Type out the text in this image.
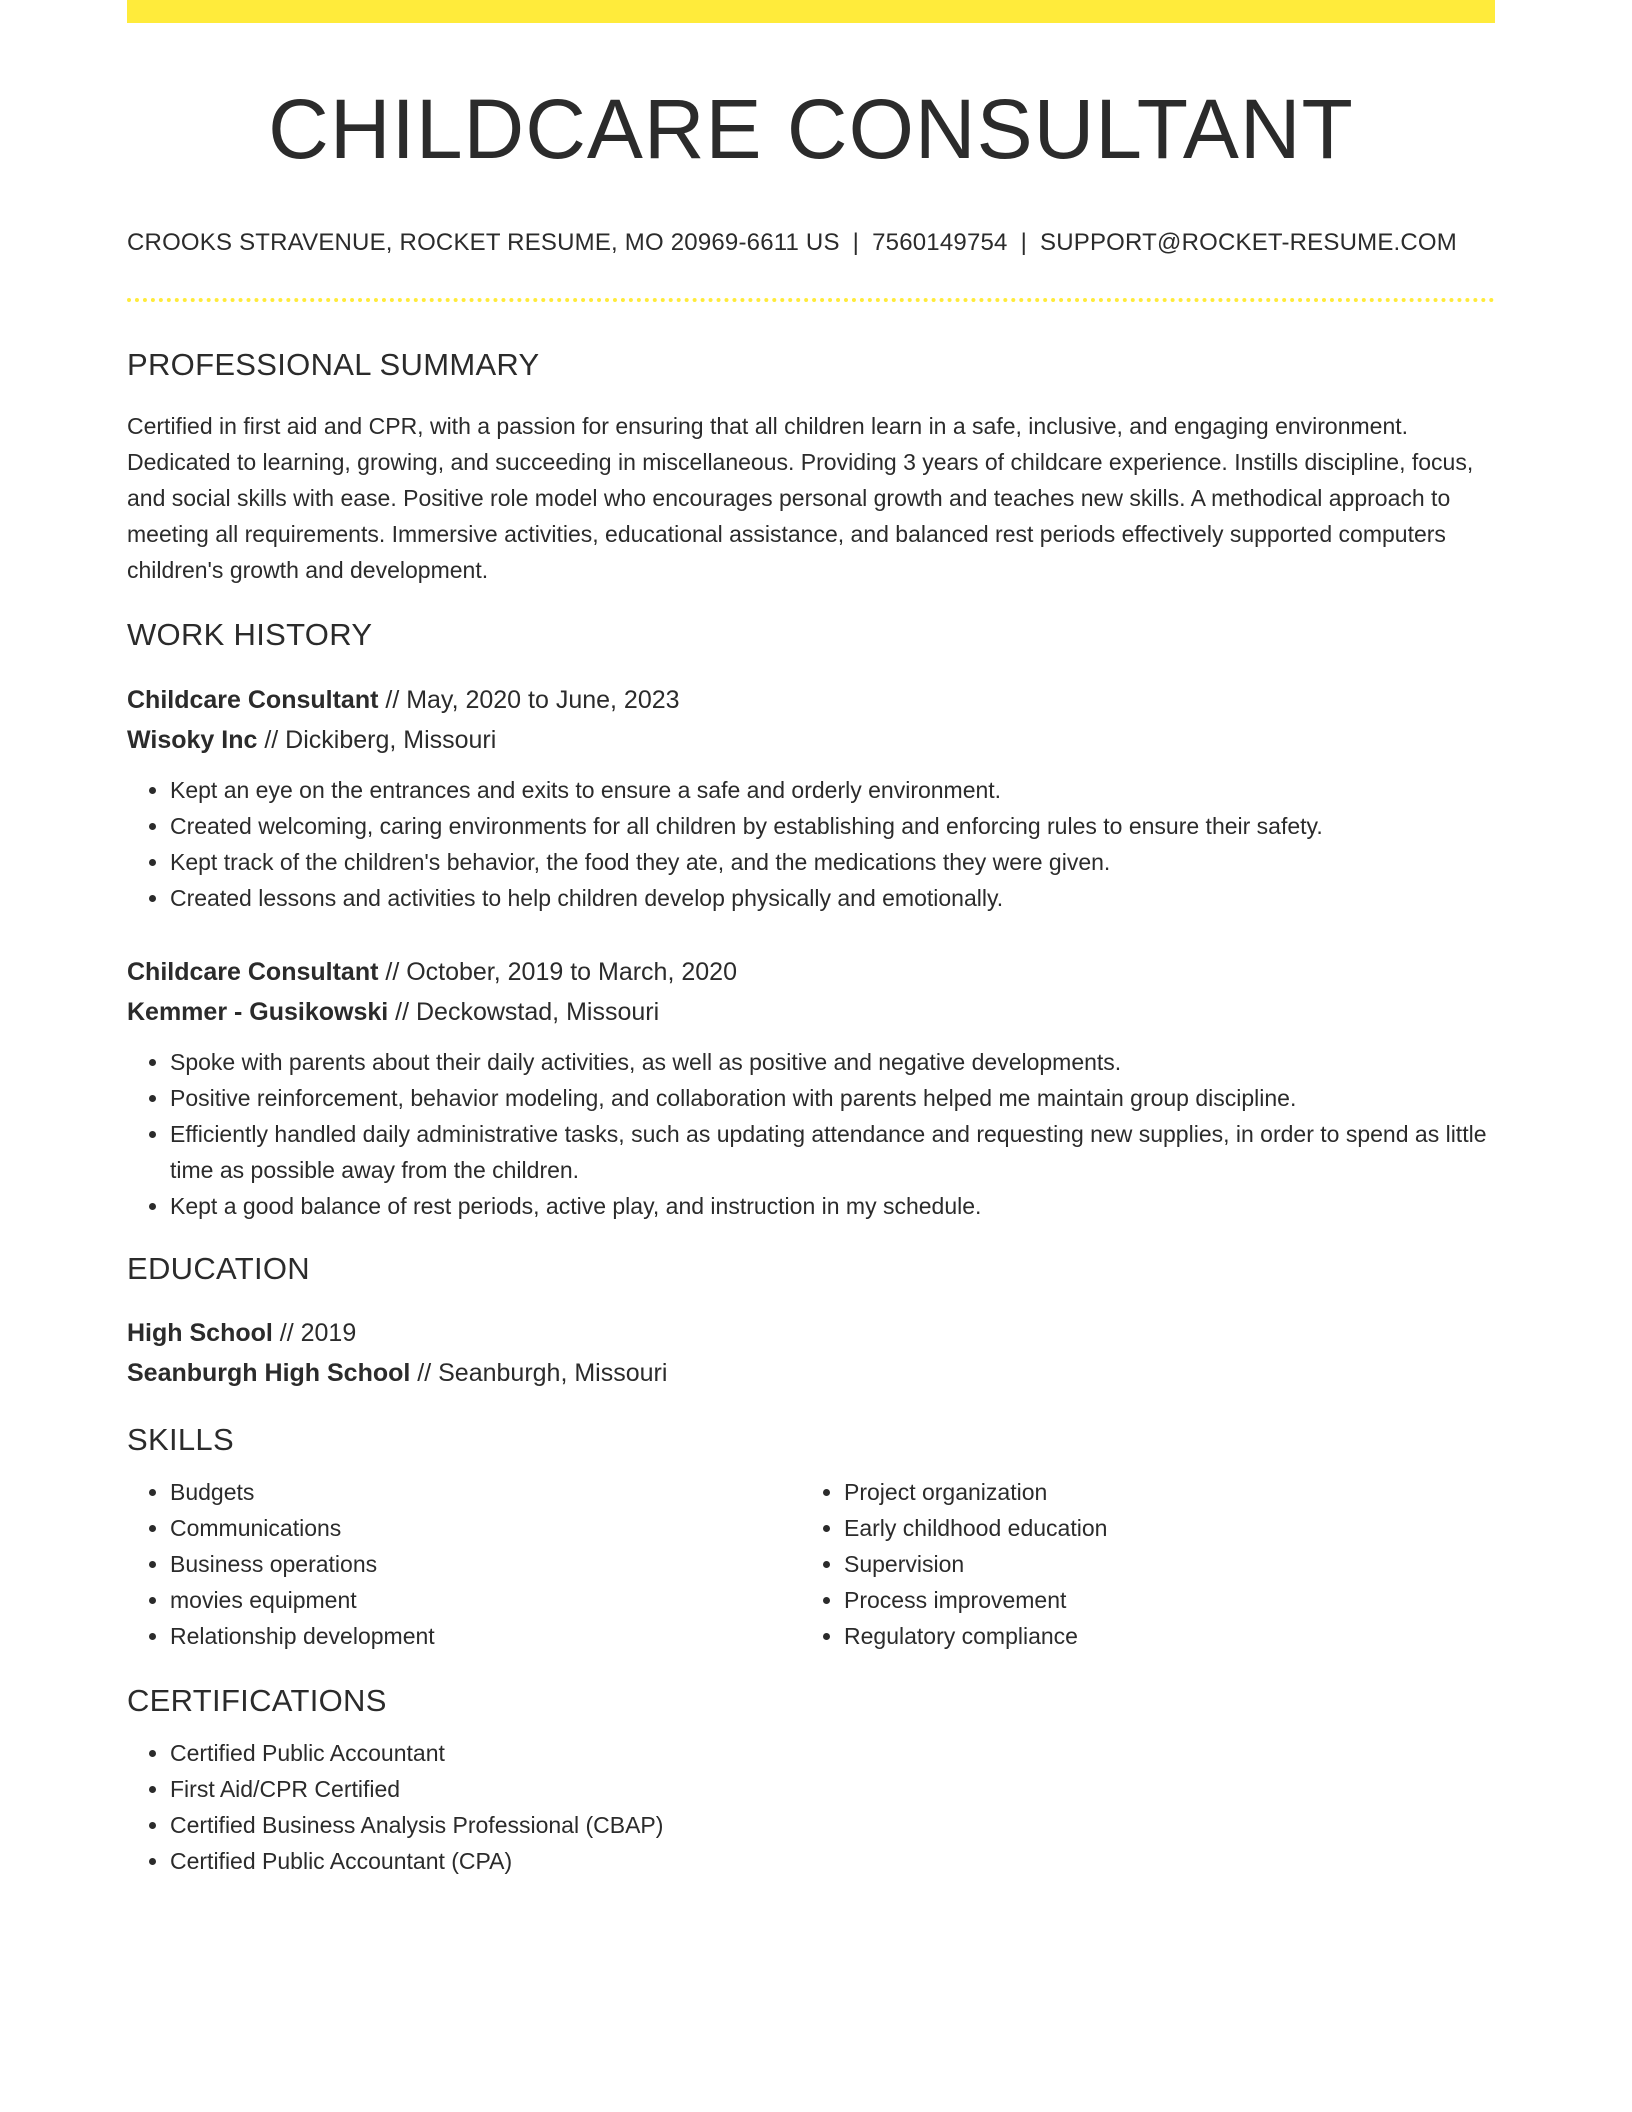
CHILDCARE CONSULTANT
CROOKS STRAVENUE, ROCKET RESUME, MO 20969-6611 US | 7560149754 | SUPPORT@ROCKET-RESUME.COM
PROFESSIONAL SUMMARY
Certified in first aid and CPR, with a passion for ensuring that all children learn in a safe, inclusive, and engaging environment. Dedicated to learning, growing, and succeeding in miscellaneous. Providing 3 years of childcare experience. Instills discipline, focus, and social skills with ease. Positive role model who encourages personal growth and teaches new skills. A methodical approach to meeting all requirements. Immersive activities, educational assistance, and balanced rest periods effectively supported computers children's growth and development.
WORK HISTORY
Childcare Consultant // May, 2020 to June, 2023
Wisoky Inc // Dickiberg, Missouri
• Kept an eye on the entrances and exits to ensure a safe and orderly environment.
• Created welcoming, caring environments for all children by establishing and enforcing rules to ensure their safety.
• Kept track of the children's behavior, the food they ate, and the medications they were given.
• Created lessons and activities to help children develop physically and emotionally.
Childcare Consultant // October, 2019 to March, 2020
Kemmer - Gusikowski // Deckowstad, Missouri
• Spoke with parents about their daily activities, as well as positive and negative developments.
• Positive reinforcement, behavior modeling, and collaboration with parents helped me maintain group discipline.
• Efficiently handled daily administrative tasks, such as updating attendance and requesting new supplies, in order to spend as little time as possible away from the children.
• Kept a good balance of rest periods, active play, and instruction in my schedule.
EDUCATION
High School // 2019
Seanburgh High School // Seanburgh, Missouri
SKILLS
• Budgets
• Communications
• Business operations
• movies equipment
• Relationship development
• Project organization
• Early childhood education
• Supervision
• Process improvement
• Regulatory compliance
CERTIFICATIONS
• Certified Public Accountant
• First Aid/CPR Certified
• Certified Business Analysis Professional (CBAP)
• Certified Public Accountant (CPA)
